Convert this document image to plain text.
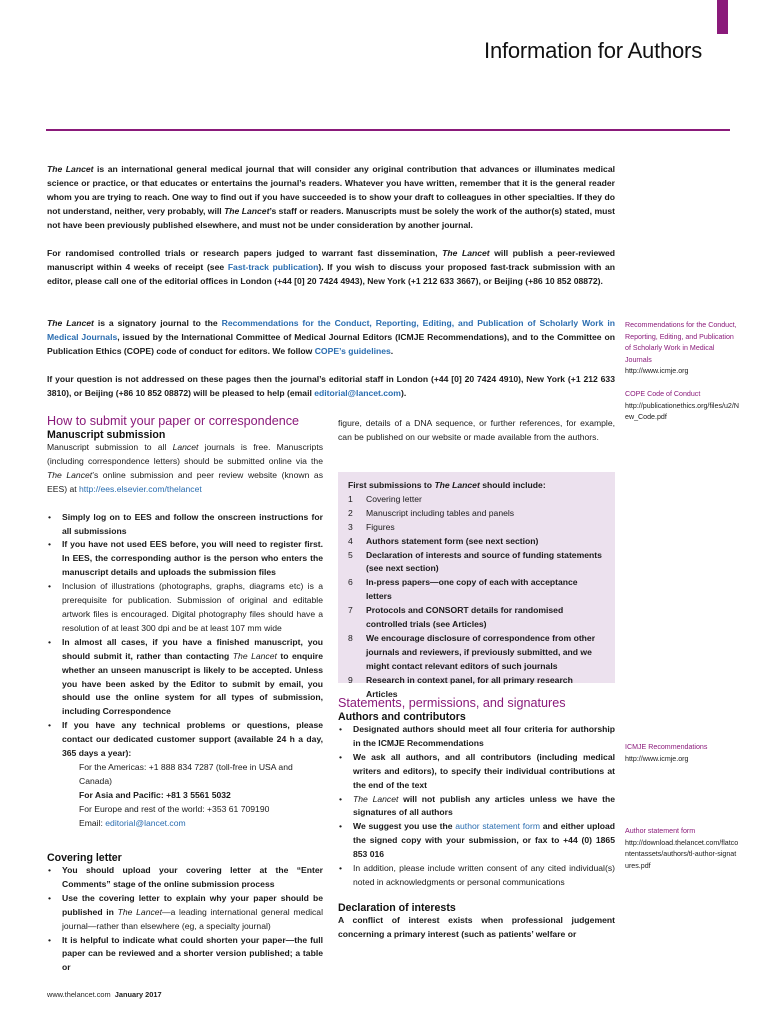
Information for Authors
The Lancet is an international general medical journal that will consider any original contribution that advances or illuminates medical science or practice, or that educates or entertains the journal’s readers. Whatever you have written, remember that it is the general reader whom you are trying to reach. One way to find out if you have succeeded is to show your draft to colleagues in other specialties. If they do not understand, neither, very probably, will The Lancet’s staff or readers. Manuscripts must be solely the work of the author(s) stated, must not have been previously published elsewhere, and must not be under consideration by another journal.
For randomised controlled trials or research papers judged to warrant fast dissemination, The Lancet will publish a peer-reviewed manuscript within 4 weeks of receipt (see Fast-track publication). If you wish to discuss your proposed fast-track submission with an editor, please call one of the editorial offices in London (+44 [0] 20 7424 4943), New York (+1 212 633 3667), or Beijing (+86 10 852 08872).
The Lancet is a signatory journal to the Recommendations for the Conduct, Reporting, Editing, and Publication of Scholarly Work in Medical Journals, issued by the International Committee of Medical Journal Editors (ICMJE Recommendations), and to the Committee on Publication Ethics (COPE) code of conduct for editors. We follow COPE’s guidelines.
If your question is not addressed on these pages then the journal’s editorial staff in London (+44 [0] 20 7424 4910), New York (+1 212 633 3810), or Beijing (+86 10 852 08872) will be pleased to help (email editorial@lancet.com).
How to submit your paper or correspondence
Manuscript submission
Manuscript submission to all Lancet journals is free. Manuscripts (including correspondence letters) should be submitted online via the The Lancet’s online submission and peer review website (known as EES) at http://ees.elsevier.com/thelancet
• Simply log on to EES and follow the onscreen instructions for all submissions
• If you have not used EES before, you will need to register first. In EES, the corresponding author is the person who enters the manuscript details and uploads the submission files
• Inclusion of illustrations (photographs, graphs, diagrams etc) is a prerequisite for publication. Submission of original and editable artwork files is encouraged. Digital photography files should have a resolution of at least 300 dpi and be at least 107 mm wide
• In almost all cases, if you have a finished manuscript, you should submit it, rather than contacting The Lancet to enquire whether an unseen manuscript is likely to be accepted. Unless you have been asked by the Editor to submit by email, you should use the online system for all types of submission, including Correspondence
• If you have any technical problems or questions, please contact our dedicated customer support (available 24 h a day, 365 days a year):
For the Americas: +1 888 834 7287 (toll-free in USA and Canada)
For Asia and Pacific: +81 3 5561 5032
For Europe and rest of the world: +353 61 709190
Email: editorial@lancet.com
Covering letter
• You should upload your covering letter at the “Enter Comments” stage of the online submission process
• Use the covering letter to explain why your paper should be published in The Lancet—a leading international general medical journal—rather than elsewhere (eg, a specialty journal)
• It is helpful to indicate what could shorten your paper—the full paper can be reviewed and a shorter version published; a table or
figure, details of a DNA sequence, or further references, for example, can be published on our website or made available from the authors.
First submissions to The Lancet should include:
1	Covering letter
2	Manuscript including tables and panels
3	Figures
4	Authors statement form (see next section)
5	Declaration of interests and source of funding statements (see next section)
6	In-press papers—one copy of each with acceptance letters
7	Protocols and CONSORT details for randomised controlled trials (see Articles)
8	We encourage disclosure of correspondence from other journals and reviewers, if previously submitted, and we might contact relevant editors of such journals
9	Research in context panel, for all primary research Articles
Statements, permissions, and signatures
Authors and contributors
• Designated authors should meet all four criteria for authorship in the ICMJE Recommendations
• We ask all authors, and all contributors (including medical writers and editors), to specify their individual contributions at the end of the text
• The Lancet will not publish any articles unless we have the signatures of all authors
• We suggest you use the author statement form and either upload the signed copy with your submission, or fax to +44 (0) 1865 853 016
• In addition, please include written consent of any cited individual(s) noted in acknowledgments or personal communications
Declaration of interests
A conflict of interest exists when professional judgement concerning a primary interest (such as patients’ welfare or
Recommendations for the Conduct, Reporting, Editing, and Publication of Scholarly Work in Medical Journals
http://www.icmje.org
COPE Code of Conduct
http://publicationethics.org/files/u2/New_Code.pdf
ICMJE Recommendations
http://www.icmje.org
Author statement form
http://download.thelancet.com/flatcontentassets/authors/tl-author-signatures.pdf
www.thelancet.com January 2017
